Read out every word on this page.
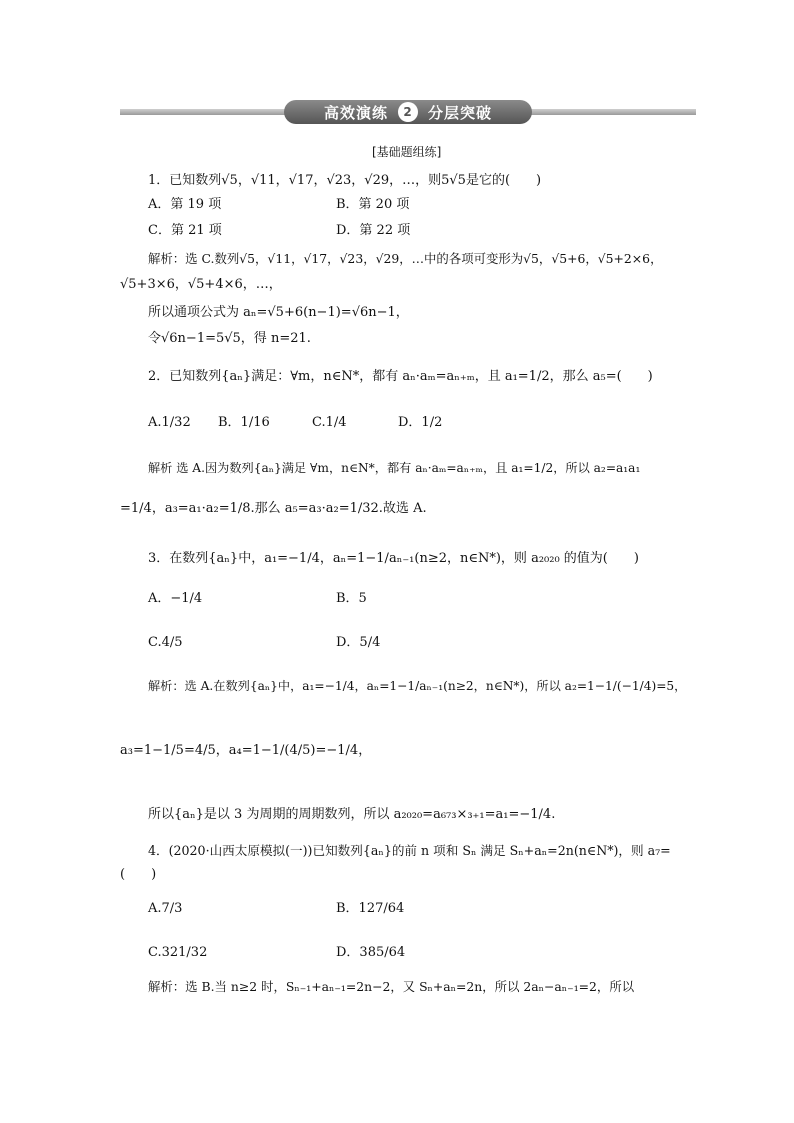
高效演练	2	分层突破
[基础题组练]
1．已知数列√5，√11，√17，√23，√29，…，则5√5是它的(　　)
A．第 19 项	B．第 20 项
C．第 21 项	D．第 22 项
解析：选 C.数列√5，√11，√17，√23，√29，…中的各项可变形为√5，√5+6，√5+2×6，
√5+3×6，√5+4×6，…，
所以通项公式为 aₙ=√5+6(n−1)=√6n−1，
令√6n−1=5√5，得 n=21.
2．已知数列{aₙ}满足：∀m，n∈N*，都有 aₙ·aₘ=aₙ₊ₘ，且 a₁=1/2，那么 a₅=(　　)
A.1/32 B．1/16	C.1/4	D．1/2
解析 选 A.因为数列{aₙ}满足 ∀m，n∈N*，都有 aₙ·aₘ=aₙ₊ₘ，且 a₁=1/2，所以 a₂=a₁a₁
=1/4，a₃=a₁·a₂=1/8.那么 a₅=a₃·a₂=1/32.故选 A.
3．在数列{aₙ}中，a₁=−1/4，aₙ=1−1/aₙ₋₁(n≥2，n∈N*)，则 a₂₀₂₀ 的值为(　　)
A．−1/4	B．5
C.4/5	D．5/4
解析：选 A.在数列{aₙ}中，a₁=−1/4，aₙ=1−1/aₙ₋₁(n≥2，n∈N*)，所以 a₂=1−1/(−1/4)=5，
a₃=1−1/5=4/5，a₄=1−1/(4/5)=−1/4，
所以{aₙ}是以 3 为周期的周期数列，所以 a₂₀₂₀=a₆₇₃×₃₊₁=a₁=−1/4.
4．(2020·山西太原模拟(一))已知数列{aₙ}的前 n 项和 Sₙ 满足 Sₙ+aₙ=2n(n∈N*)，则 a₇=
(　　)
A.7/3	B．127/64
C.321/32	D．385/64
解析：选 B.当 n≥2 时，Sₙ₋₁+aₙ₋₁=2n−2，又 Sₙ+aₙ=2n，所以 2aₙ−aₙ₋₁=2，所以
